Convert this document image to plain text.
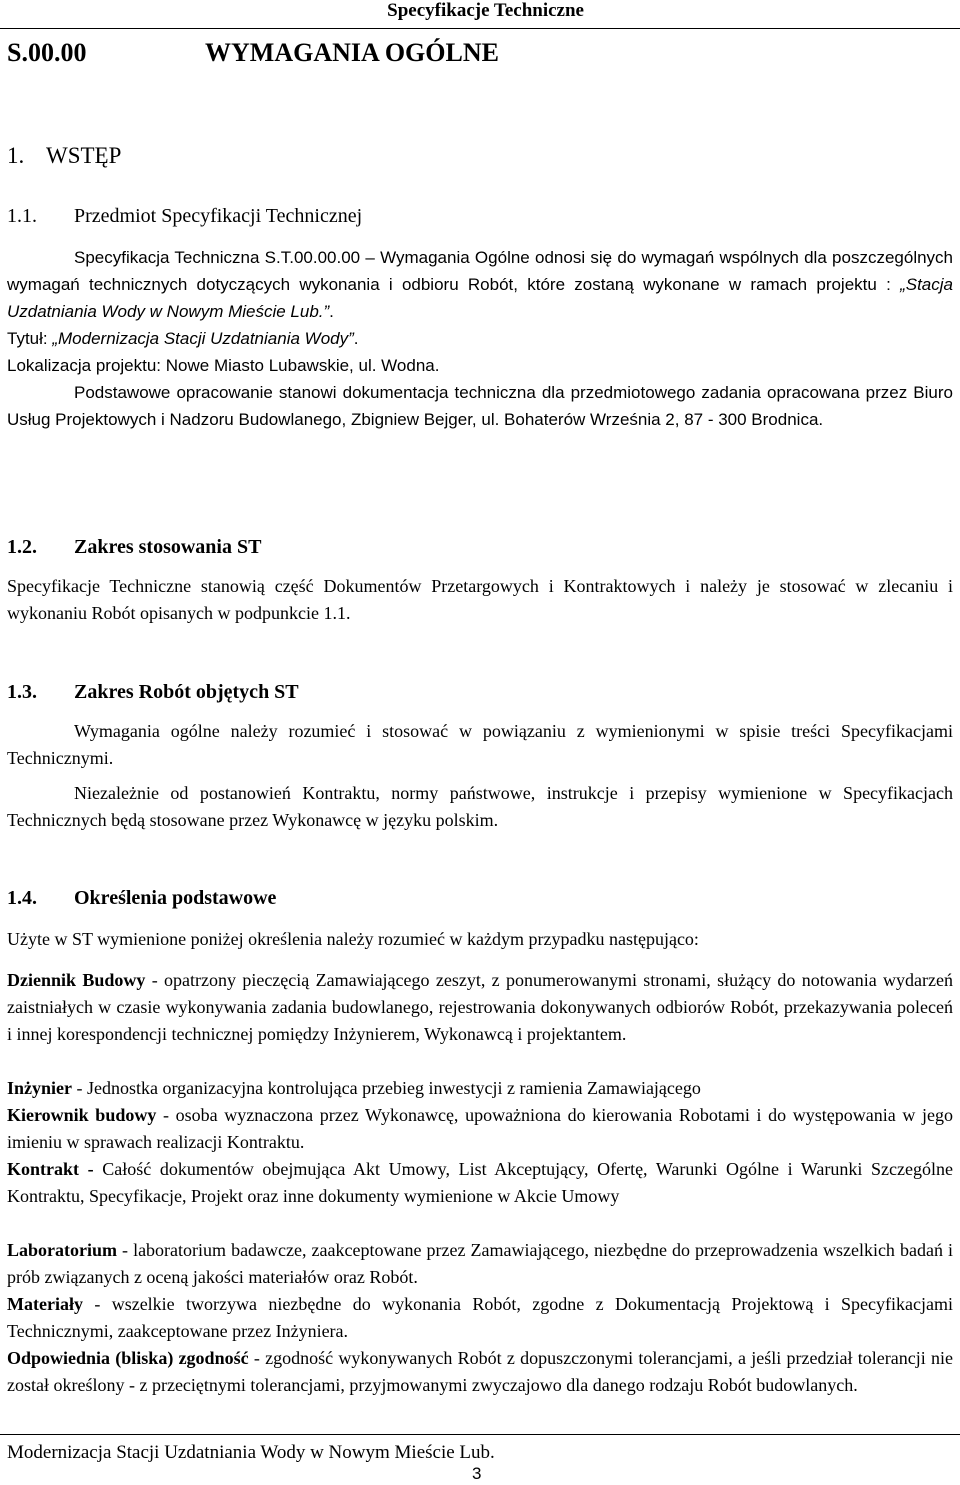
Specyfikacje Techniczne
S.00.00	WYMAGANIA OGÓLNE
1. WSTĘP
1.1. Przedmiot Specyfikacji Technicznej
Specyfikacja Techniczna S.T.00.00.00 – Wymagania Ogólne odnosi się do wymagań wspólnych dla poszczególnych wymagań technicznych dotyczących wykonania i odbioru Robót, które zostaną wykonane w ramach projektu : „Stacja Uzdatniania Wody w Nowym Mieście Lub.”.
Tytuł: „Modernizacja Stacji Uzdatniania Wody”.
Lokalizacja projektu: Nowe Miasto Lubawskie, ul. Wodna.
Podstawowe opracowanie stanowi dokumentacja techniczna dla przedmiotowego zadania opracowana przez Biuro Usług Projektowych i Nadzoru Budowlanego, Zbigniew Bejger, ul. Bohaterów Września 2, 87 - 300 Brodnica.
1.2. Zakres stosowania ST
Specyfikacje Techniczne stanowią część Dokumentów Przetargowych i Kontraktowych i należy je stosować w zlecaniu i wykonaniu Robót opisanych w podpunkcie 1.1.
1.3. Zakres Robót objętych ST
Wymagania ogólne należy rozumieć i stosować w powiązaniu z wymienionymi w spisie treści Specyfikacjami Technicznymi.
Niezależnie od postanowień Kontraktu, normy państwowe, instrukcje i przepisy wymienione w Specyfikacjach Technicznych będą stosowane przez Wykonawcę w języku polskim.
1.4. Określenia podstawowe
Użyte w ST wymienione poniżej określenia należy rozumieć w każdym przypadku następująco:
Dziennik Budowy - opatrzony pieczęcią Zamawiającego zeszyt, z ponumerowanymi stronami, służący do notowania wydarzeń zaistniałych w czasie wykonywania zadania budowlanego, rejestrowania dokonywanych odbiorów Robót, przekazywania poleceń i innej korespondencji technicznej pomiędzy Inżynierem, Wykonawcą i projektantem.
Inżynier - Jednostka organizacyjna kontrolująca przebieg inwestycji z ramienia Zamawiającego
Kierownik budowy - osoba wyznaczona przez Wykonawcę, upoważniona do kierowania Robotami i do występowania w jego imieniu w sprawach realizacji Kontraktu.
Kontrakt - Całość dokumentów obejmująca Akt Umowy, List Akceptujący, Ofertę, Warunki Ogólne i Warunki Szczególne Kontraktu, Specyfikacje, Projekt oraz inne dokumenty wymienione w Akcie Umowy
Laboratorium - laboratorium badawcze, zaakceptowane przez Zamawiającego, niezbędne do przeprowadzenia wszelkich badań i prób związanych z oceną jakości materiałów oraz Robót.
Materiały - wszelkie tworzywa niezbędne do wykonania Robót, zgodne z Dokumentacją Projektową i Specyfikacjami Technicznymi, zaakceptowane przez Inżyniera.
Odpowiednia (bliska) zgodność - zgodność wykonywanych Robót z dopuszczonymi tolerancjami, a jeśli przedział tolerancji nie został określony - z przeciętnymi tolerancjami, przyjmowanymi zwyczajowo dla danego rodzaju Robót budowlanych.
Modernizacja Stacji Uzdatniania Wody w Nowym Mieście Lub.
3
